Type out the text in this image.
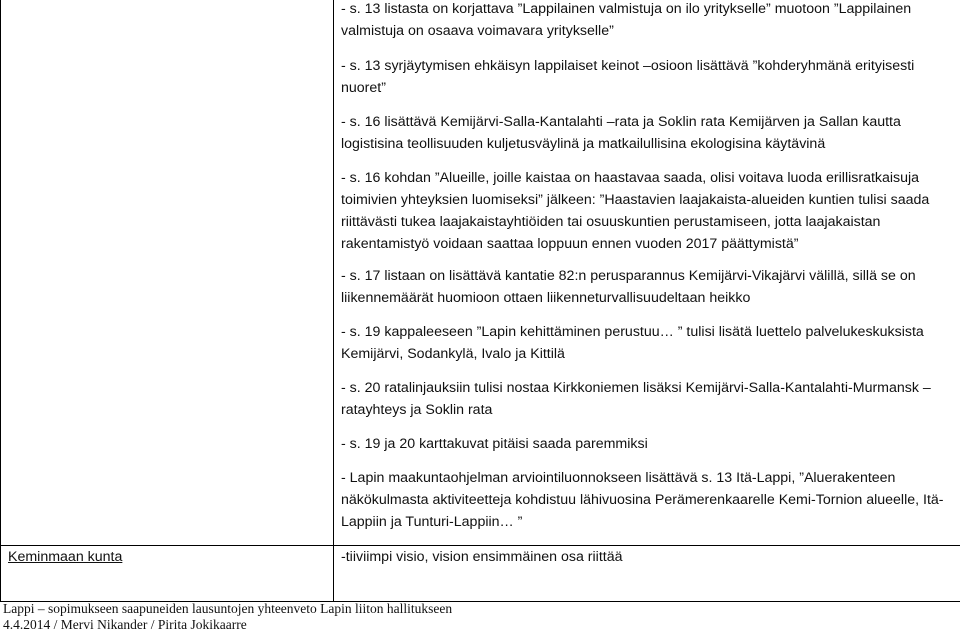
- s. 13 listasta on korjattava ”Lappilainen valmistuja on ilo yritykselle” muotoon ”Lappilainen valmistuja on osaava voimavara yritykselle”

- s. 13 syrjäytymisen ehkäisyn lappilaiset keinot –osioon lisättävä ”kohderyhmänä erityisesti nuoret”

- s. 16 lisättävä Kemijärvi-Salla-Kantalahti –rata ja Soklin rata Kemijärven ja Sallan kautta logistisina teollisuuden kuljetusväylinä ja matkailullisina ekologisina käytävinä

- s. 16 kohdan ”Alueille, joille kaistaa on haastavaa saada, olisi voitava luoda erillisratkaisuja toimivien yhteyksien luomiseksi” jälkeen: ”Haastavien laajakaista-alueiden kuntien tulisi saada riittävästi tukea laajakaistayhtiöiden tai osuuskuntien perustamiseen, jotta laajakaistan rakentamistyö voidaan saattaa loppuun ennen vuoden 2017 päättymistä”

- s. 17 listaan on lisättävä kantatie 82:n perusparannus Kemijärvi-Vikajärvi välillä, sillä se on liikennemäärät huomioon ottaen liikenneturvallisuudeltaan heikko

- s. 19 kappaleeseen ”Lapin kehittäminen perustuu… ” tulisi lisätä luettelo palvelukeskuksista Kemijärvi, Sodankylä, Ivalo ja Kittilä

- s. 20 ratalinjauksiin tulisi nostaa Kirkkoniemen lisäksi Kemijärvi-Salla-Kantalahti-Murmansk –ratayhteys ja Soklin rata

- s. 19 ja 20 karttakuvat pitäisi saada paremmiksi

- Lapin maakuntaohjelman arviointiluonnokseen lisättävä s. 13 Itä-Lappi, ”Aluerakenteen näkökulmasta aktiviteetteja kohdistuu lähivuosina Perämerenkaarelle Kemi-Tornion alueelle, Itä-Lappiin ja Tunturi-Lappiin… ”

Keminmaan kunta	-tiiviimpi visio, vision ensimmäinen osa riittää
Lappi – sopimukseen saapuneiden lausuntojen yhteenveto Lapin liiton hallitukseen
4.4.2014 / Mervi Nikander / Pirita Jokikaarre
